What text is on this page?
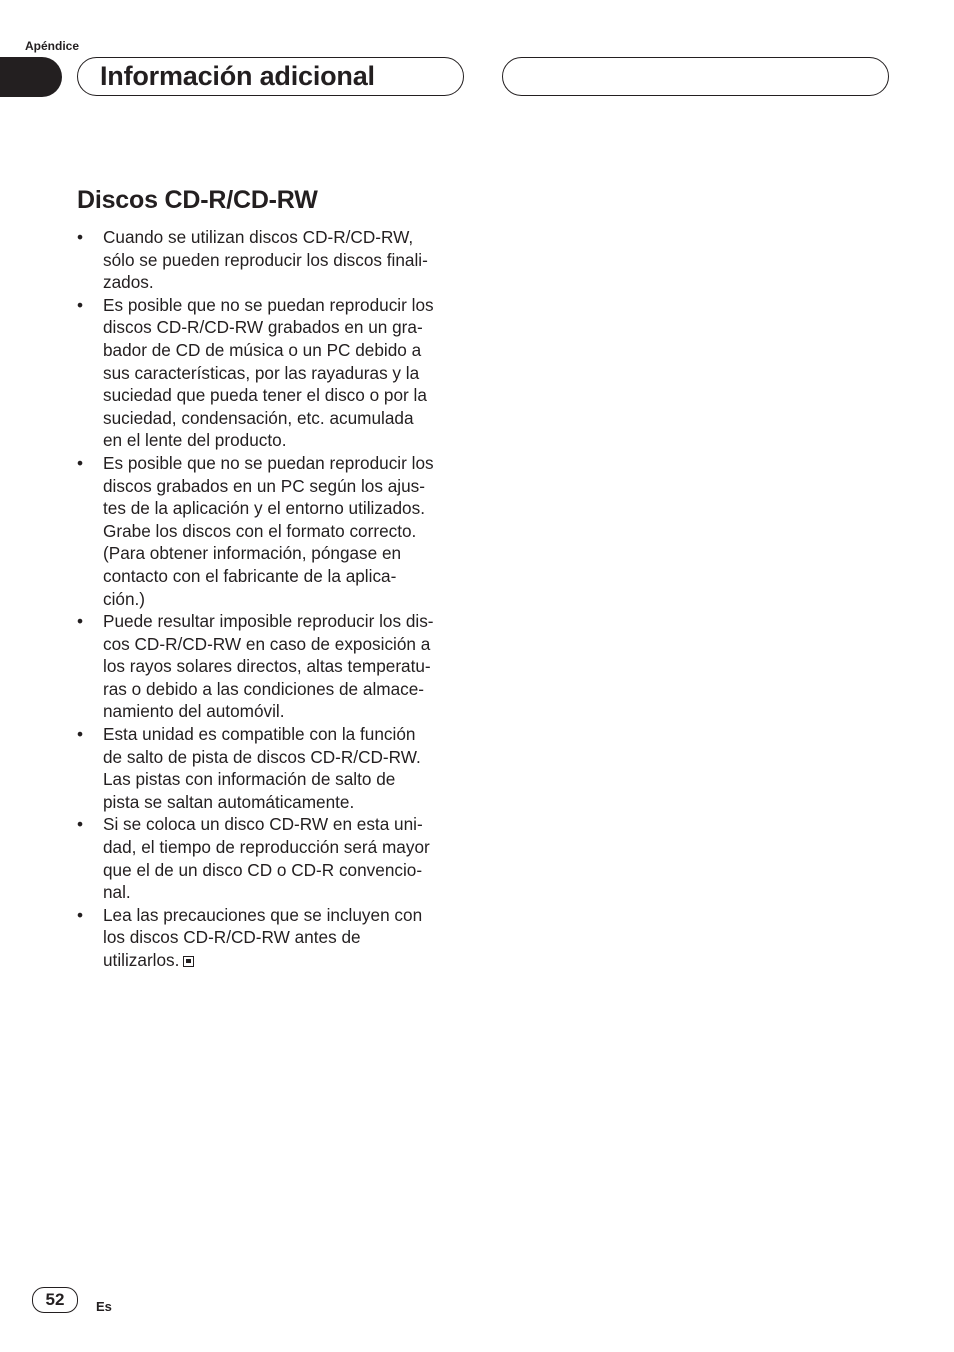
Apéndice
Información adicional
Discos CD-R/CD-RW
•	Cuando se utilizan discos CD-R/CD-RW,
sólo se pueden reproducir los discos finali-
zados.
•	Es posible que no se puedan reproducir los
discos CD-R/CD-RW grabados en un gra-
bador de CD de música o un PC debido a
sus características, por las rayaduras y la
suciedad que pueda tener el disco o por la
suciedad, condensación, etc. acumulada
en el lente del producto.
•	Es posible que no se puedan reproducir los
discos grabados en un PC según los ajus-
tes de la aplicación y el entorno utilizados.
Grabe los discos con el formato correcto.
(Para obtener información, póngase en
contacto con el fabricante de la aplica-
ción.)
•	Puede resultar imposible reproducir los dis-
cos CD-R/CD-RW en caso de exposición a
los rayos solares directos, altas temperatu-
ras o debido a las condiciones de almace-
namiento del automóvil.
•	Esta unidad es compatible con la función
de salto de pista de discos CD-R/CD-RW.
Las pistas con información de salto de
pista se saltan automáticamente.
•	Si se coloca un disco CD-RW en esta uni-
dad, el tiempo de reproducción será mayor
que el de un disco CD o CD-R convencio-
nal.
•	Lea las precauciones que se incluyen con
los discos CD-R/CD-RW antes de
utilizarlos.
52	Es
